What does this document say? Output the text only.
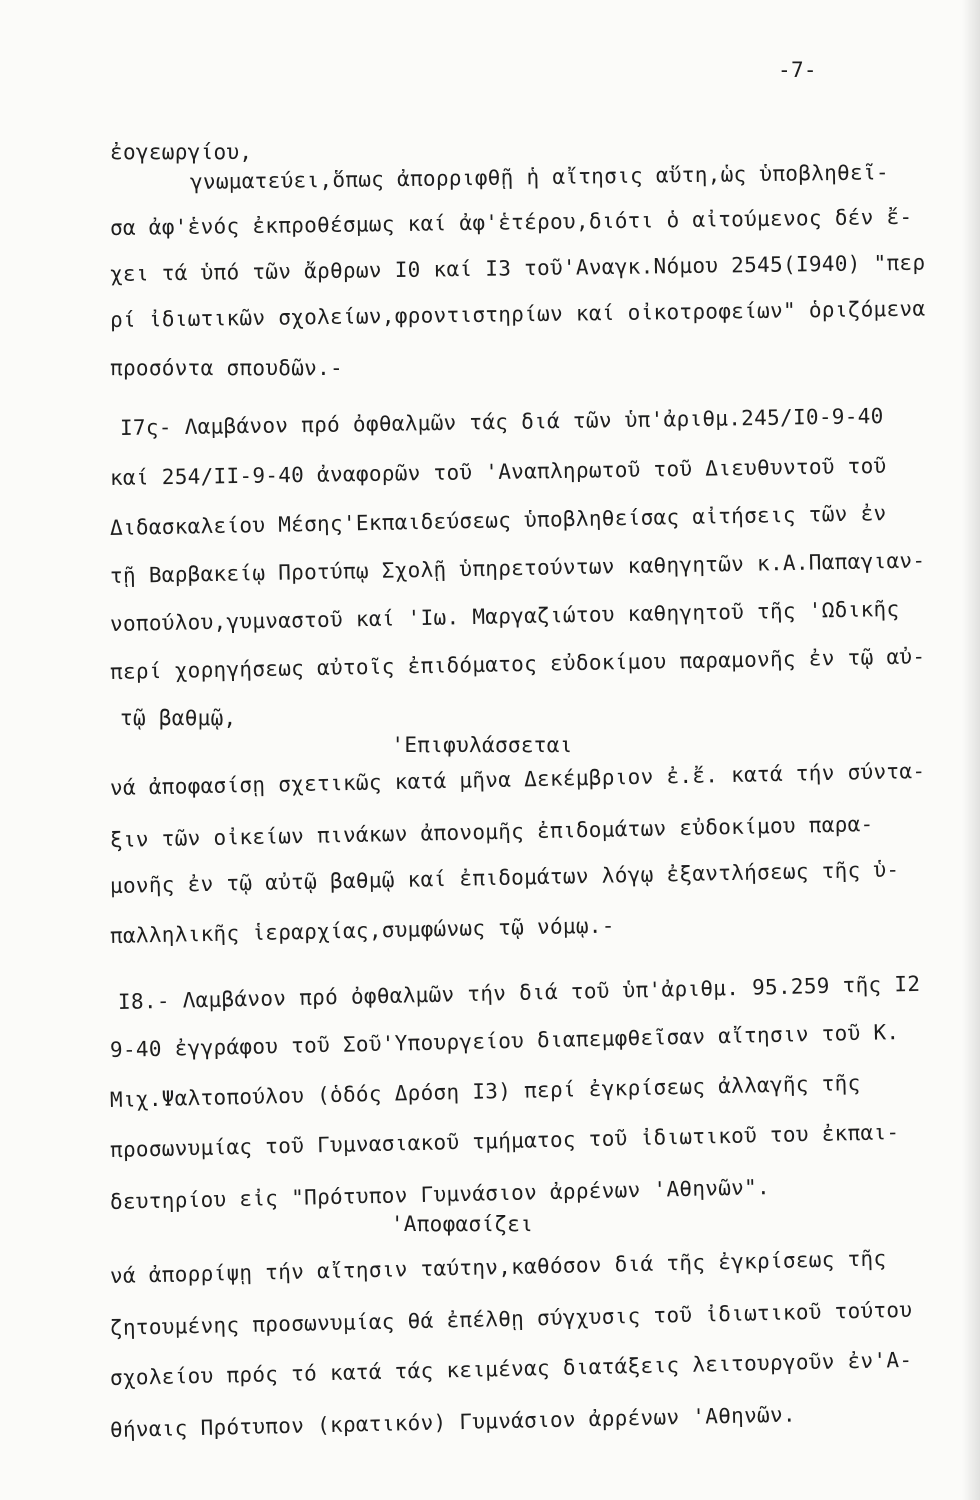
-7-
ἐογεωργίου,
γνωματεύει,ὅπως ἀπορριφθῇ ἡ αἴτησις αὕτη,ὡς ὑποβληθεῖ-
σα ἀφ'ἑνός ἐκπροθέσμως καί ἀφ'ἑτέρου,διότι ὁ αἰτούμενος δέν ἔ-
χει τά ὑπό τῶν ἄρθρων Ι0 καί Ι3 τοῦ'Αναγκ.Νόμου 2545(Ι940) "περ
ρί ἰδιωτικῶν σχολείων,φροντιστηρίων καί οἰκοτροφείων" ὁριζόμενα
προσόντα σπουδῶν.-
Ι7ς- Λαμβάνον πρό ὀφθαλμῶν τάς διά τῶν ὑπ'ἀριθμ.245/Ι0-9-40
καί 254/ΙΙ-9-40 ἀναφορῶν τοῦ 'Αναπληρωτοῦ τοῦ Διευθυντοῦ τοῦ
Διδασκαλείου Μέσης'Εκπαιδεύσεως ὑποβληθείσας αἰτήσεις τῶν ἐν
τῇ Βαρβακείῳ Προτύπῳ Σχολῇ ὑπηρετούντων καθηγητῶν κ.Α.Παπαγιαν-
νοπούλου,γυμναστοῦ καί 'Ιω. Μαργαζιώτου καθηγητοῦ τῆς 'Ωδικῆς
περί χορηγήσεως αὐτοῖς ἐπιδόματος εὐδοκίμου παραμονῆς ἐν τῷ αὐ-
τῷ βαθμῷ,
'Επιφυλάσσεται
νά ἀποφασίσῃ σχετικῶς κατά μῆνα Δεκέμβριον ἐ.ἔ. κατά τήν σύντα-
ξιν τῶν οἰκείων πινάκων ἀπονομῆς ἐπιδομάτων εὐδοκίμου παρα-
μονῆς ἐν τῷ αὐτῷ βαθμῷ καί ἐπιδομάτων λόγῳ ἐξαντλήσεως τῆς ὑ-
παλληλικῆς ἱεραρχίας,συμφώνως τῷ νόμῳ.-
Ι8.- Λαμβάνον πρό ὀφθαλμῶν τήν διά τοῦ ὑπ'ἀριθμ. 95.259 τῆς Ι2
9-40 ἐγγράφου τοῦ Σοῦ'Υπουργείου διαπεμφθεῖσαν αἴτησιν τοῦ Κ.
Μιχ.Ψαλτοπούλου (ὁδός Δρόση Ι3) περί ἐγκρίσεως ἀλλαγῆς τῆς
προσωνυμίας τοῦ Γυμνασιακοῦ τμήματος τοῦ ἰδιωτικοῦ του ἐκπαι-
δευτηρίου εἰς "Πρότυπον Γυμνάσιον ἀρρένων 'Αθηνῶν".
'Αποφασίζει
νά ἀπορρίψῃ τήν αἴτησιν ταύτην,καθόσον διά τῆς ἐγκρίσεως τῆς
ζητουμένης προσωνυμίας θά ἐπέλθῃ σύγχυσις τοῦ ἰδιωτικοῦ τούτου
σχολείου πρός τό κατά τάς κειμένας διατάξεις λειτουργοῦν ἐν'Α-
θήναις Πρότυπον (κρατικόν) Γυμνάσιον ἀρρένων 'Αθηνῶν.
